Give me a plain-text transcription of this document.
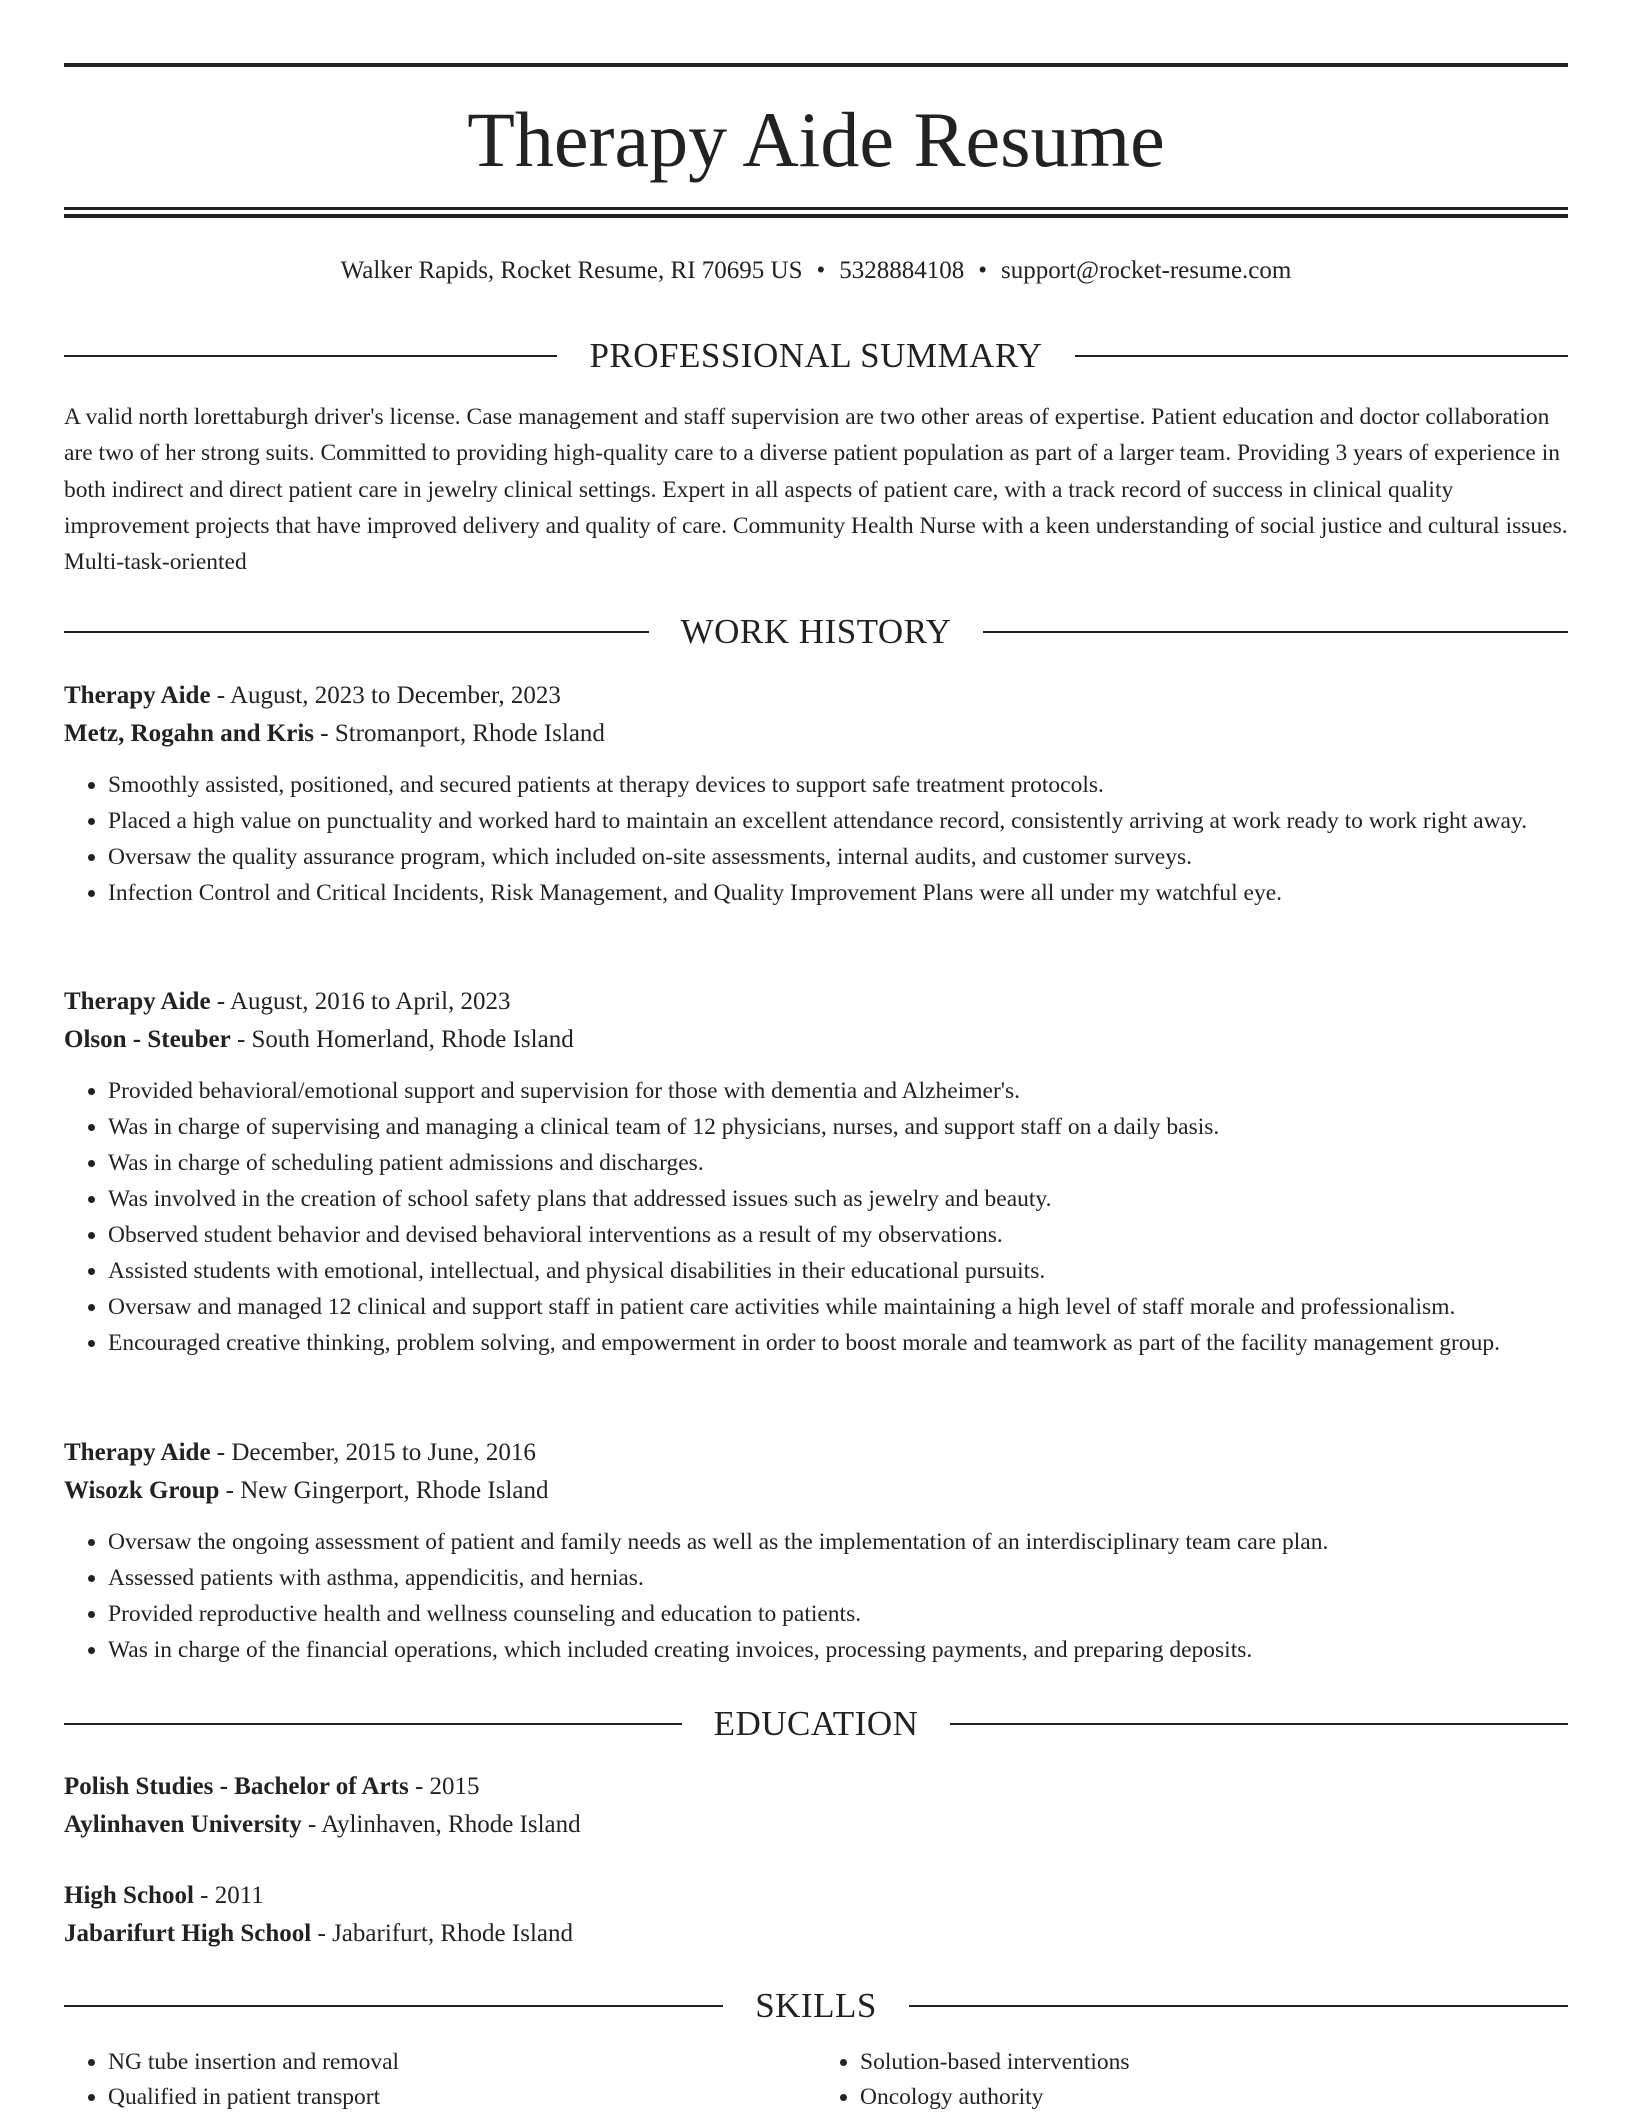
Therapy Aide Resume
Walker Rapids, Rocket Resume, RI 70695 US • 5328884108 • support@rocket-resume.com
PROFESSIONAL SUMMARY

A valid north lorettaburgh driver's license. Case management and staff supervision are two other areas of expertise. Patient education and doctor collaboration are two of her strong suits. Committed to providing high-quality care to a diverse patient population as part of a larger team. Providing 3 years of experience in both indirect and direct patient care in jewelry clinical settings. Expert in all aspects of patient care, with a track record of success in clinical quality improvement projects that have improved delivery and quality of care. Community Health Nurse with a keen understanding of social justice and cultural issues. Multi-task-oriented

WORK HISTORY

Therapy Aide - August, 2023 to December, 2023

Metz, Rogahn and Kris - Stromanport, Rhode Island

• Smoothly assisted, positioned, and secured patients at therapy devices to support safe treatment protocols.
• Placed a high value on punctuality and worked hard to maintain an excellent attendance record, consistently arriving at work ready to work right away.
• Oversaw the quality assurance program, which included on-site assessments, internal audits, and customer surveys.
• Infection Control and Critical Incidents, Risk Management, and Quality Improvement Plans were all under my watchful eye.

Therapy Aide - August, 2016 to April, 2023

Olson - Steuber - South Homerland, Rhode Island

• Provided behavioral/emotional support and supervision for those with dementia and Alzheimer's.
• Was in charge of supervising and managing a clinical team of 12 physicians, nurses, and support staff on a daily basis.
• Was in charge of scheduling patient admissions and discharges.
• Was involved in the creation of school safety plans that addressed issues such as jewelry and beauty.
• Observed student behavior and devised behavioral interventions as a result of my observations.
• Assisted students with emotional, intellectual, and physical disabilities in their educational pursuits.
• Oversaw and managed 12 clinical and support staff in patient care activities while maintaining a high level of staff morale and professionalism.
• Encouraged creative thinking, problem solving, and empowerment in order to boost morale and teamwork as part of the facility management group.

Therapy Aide - December, 2015 to June, 2016

Wisozk Group - New Gingerport, Rhode Island

• Oversaw the ongoing assessment of patient and family needs as well as the implementation of an interdisciplinary team care plan.
• Assessed patients with asthma, appendicitis, and hernias.
• Provided reproductive health and wellness counseling and education to patients.
• Was in charge of the financial operations, which included creating invoices, processing payments, and preparing deposits.
EDUCATION

Polish Studies - Bachelor of Arts - 2015

Aylinhaven University - Aylinhaven, Rhode Island

High School - 2011

Jabarifurt High School - Jabarifurt, Rhode Island

SKILLS
• NG tube insertion and removal
• Qualified in patient transport
• Solution-based interventions
• Oncology authority
